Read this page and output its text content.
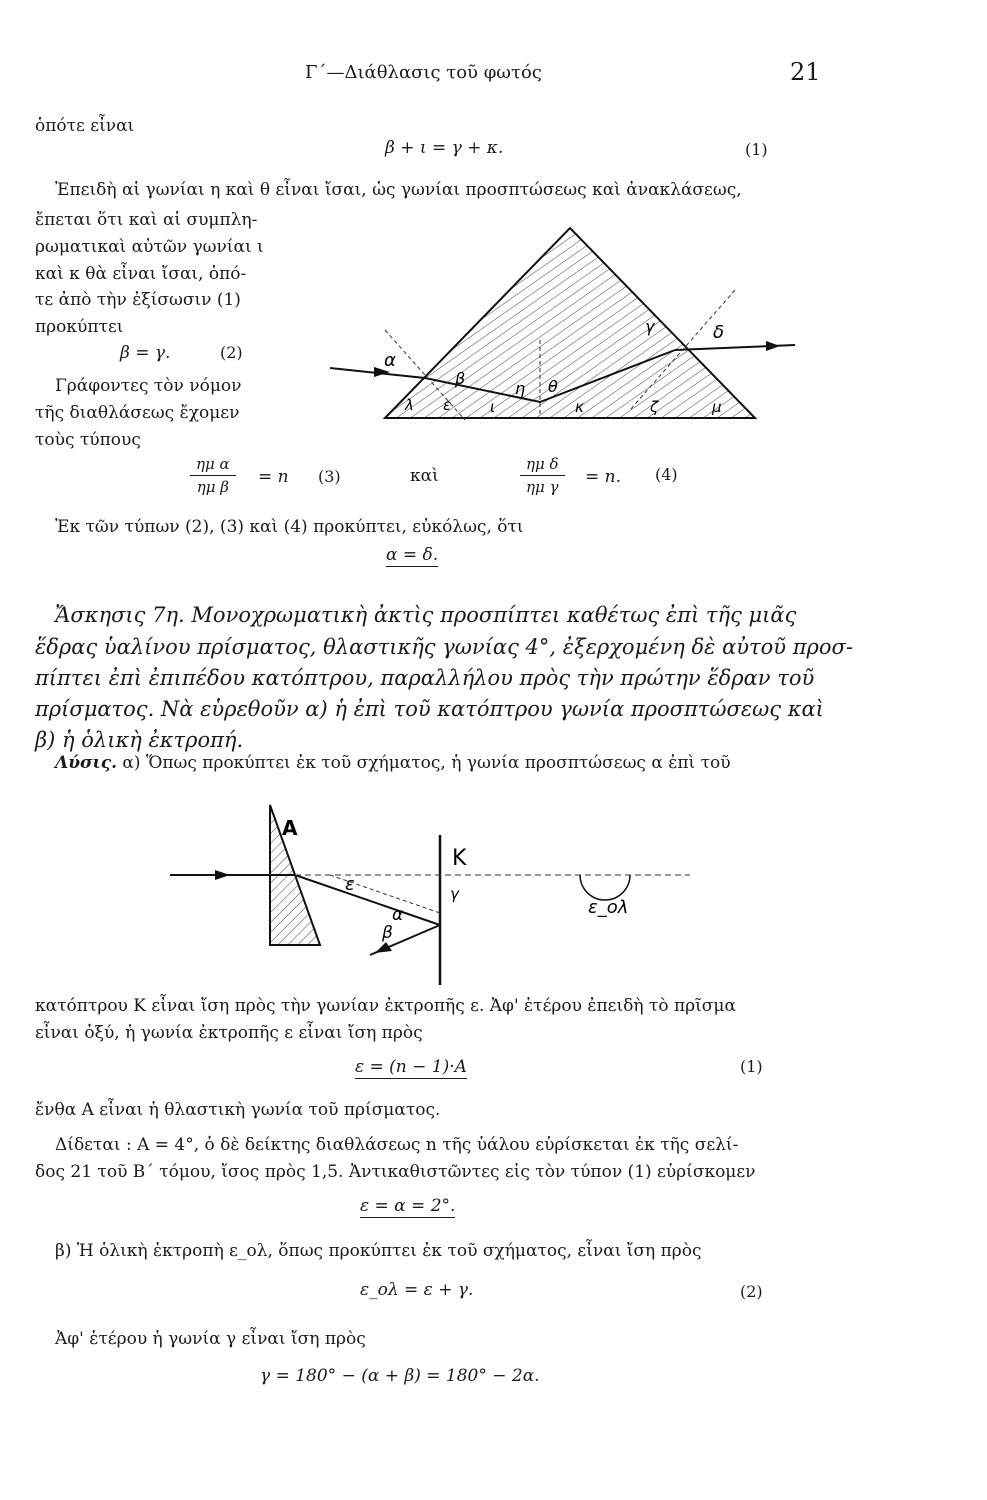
Γ΄—Διάθλασις τοῦ φωτός	21
ὁπότε εἶναι
β + ι = γ + κ.	(1)
Ἐπειδὴ αἱ γωνίαι η καὶ θ εἶναι ἴσαι, ὡς γωνίαι προσπτώσεως καὶ ἀνακλάσεως,
ἔπεται ὅτι καὶ αἱ συμπλη-
ρωματικαὶ αὐτῶν γωνίαι ι
καὶ κ θὰ εἶναι ἴσαι, ὁπό-
τε ἀπὸ τὴν ἐξίσωσιν (1)
προκύπτει
β = γ.	(2)
Γράφοντες τὸν νόμον
τῆς διαθλάσεως ἔχομεν
τοὺς τύπους
$\frac{\text{ημ α}}{\text{ημ β}} = n$ (3)	καὶ	$\frac{\text{ημ δ}}{\text{ημ γ}} = n$. (4)
Ἐκ τῶν τύπων (2), (3) καὶ (4) προκύπτει, εὐκόλως, ὅτι
α = δ.
α
β
γ	δ
ε
η θ
ι	κ
λ	ζ	μ
Ἄσκησις 7η. Μονοχρωματικὴ ἀκτὶς προσπίπτει καθέτως ἐπὶ τῆς μιᾶς
ἕδρας ὑαλίνου πρίσματος, θλαστικῆς γωνίας 4°, ἐξερχομένη δὲ αὐτοῦ προσ-
πίπτει ἐπὶ ἐπιπέδου κατόπτρου, παραλλήλου πρὸς τὴν πρώτην ἕδραν τοῦ
πρίσματος. Νὰ εὑρεθοῦν α) ἡ ἐπὶ τοῦ κατόπτρου γωνία προσπτώσεως καὶ
β) ἡ ὁλικὴ ἐκτροπή.
Λύσις. α) Ὅπως προκύπτει ἐκ τοῦ σχήματος, ἡ γωνία προσπτώσεως α ἐπὶ τοῦ
A
K
ε
α
β
γ
ε_ολ
κατόπτρου K εἶναι ἴση πρὸς τὴν γωνίαν ἐκτροπῆς ε. Ἀφ' ἑτέρου ἐπειδὴ τὸ πρῖσμα
εἶναι ὀξύ, ἡ γωνία ἐκτροπῆς ε εἶναι ἴση πρὸς
ε = (n − 1)·A	(1)
ἔνθα A εἶναι ἡ θλαστικὴ γωνία τοῦ πρίσματος.
Δίδεται : A = 4°, ὁ δὲ δείκτης διαθλάσεως n τῆς ὑάλου εὑρίσκεται ἐκ τῆς σελί-
δος 21 τοῦ Β΄ τόμου, ἴσος πρὸς 1,5. Ἀντικαθιστῶντες εἰς τὸν τύπον (1) εὑρίσκομεν
ε = α = 2°.
β) Ἡ ὁλικὴ ἐκτροπὴ ε_ολ, ὅπως προκύπτει ἐκ τοῦ σχήματος, εἶναι ἴση πρὸς
ε_ολ = ε + γ.	(2)
Ἀφ' ἑτέρου ἡ γωνία γ εἶναι ἴση πρὸς
γ = 180° − (α + β) = 180° − 2α.
